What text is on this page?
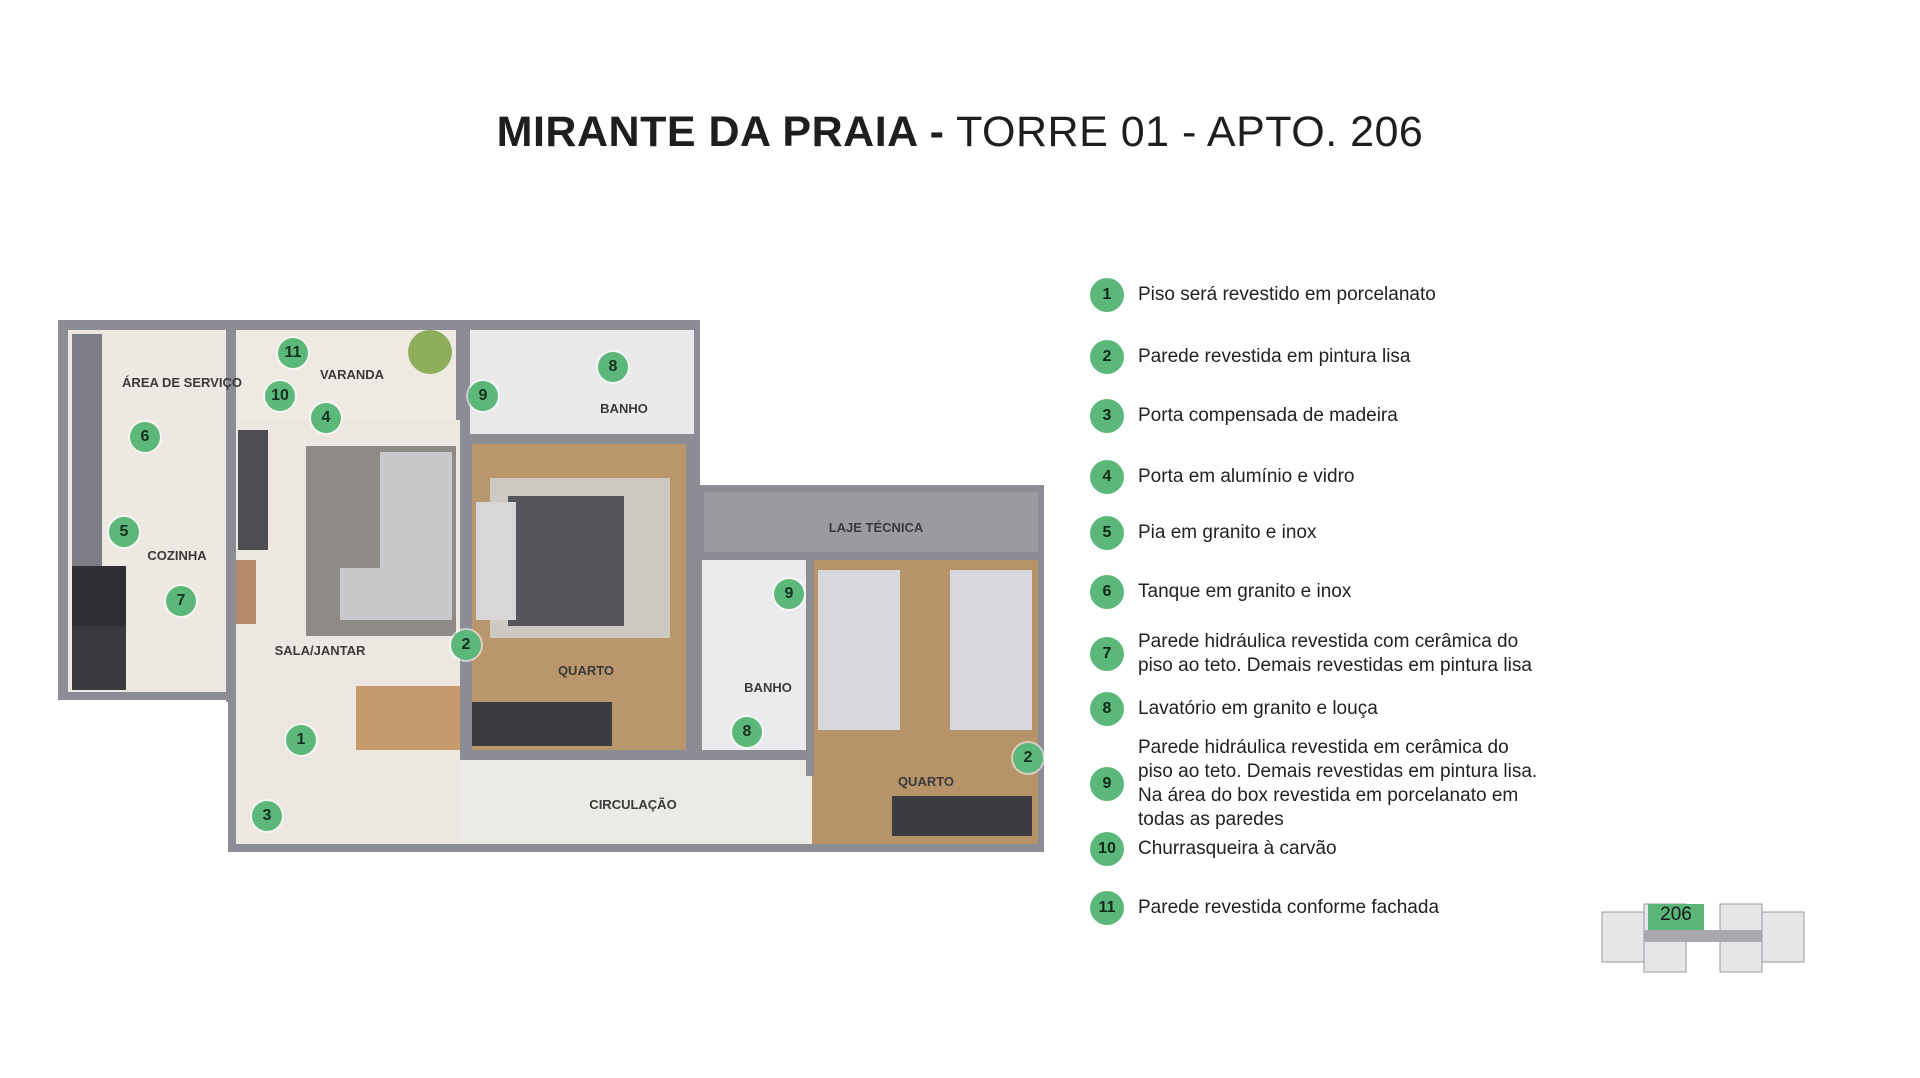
MIRANTE DA PRAIA - TORRE 01 - APTO. 206
ÁREA DE SERVIÇO
VARANDA
BANHO
COZINHA
LAJE TÉCNICA
SALA/JANTAR
QUARTO
BANHO
QUARTO
CIRCULAÇÃO
11
10
4
9
8
6
5
7
2
9
1	8
2
3
1	Piso será revestido em porcelanato
2	Parede revestida em pintura lisa
3	Porta compensada de madeira
4	Porta em alumínio e vidro
5	Pia em granito e inox
6	Tanque em granito e inox
7
Parede hidráulica revestida com cerâmica do
piso ao teto. Demais revestidas em pintura lisa
8	Lavatório em granito e louça
9
Parede hidráulica revestida em cerâmica do
piso ao teto. Demais revestidas em pintura lisa.
Na área do box revestida em porcelanato em
todas as paredes
10	Churrasqueira à carvão
11	Parede revestida conforme fachada	206
